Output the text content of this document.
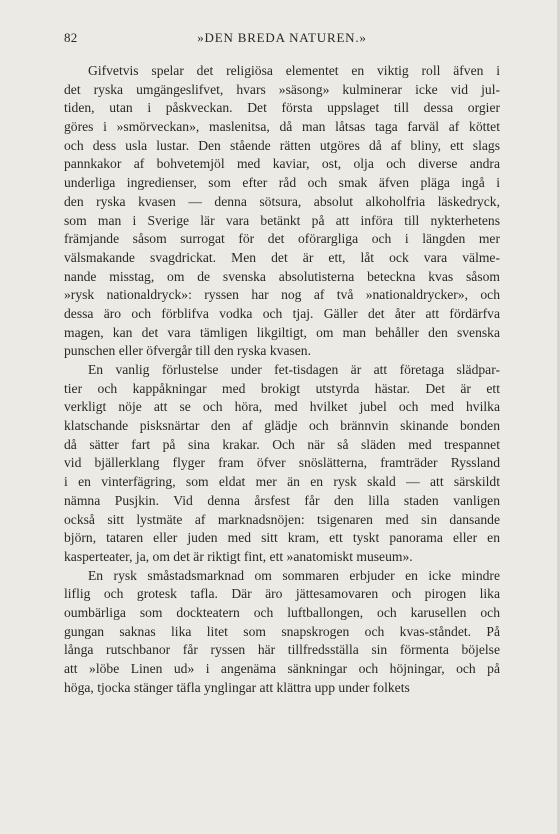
82	»DEN BREDA NATUREN.»
Gifvetvis spelar det religiösa elementet en viktig roll äfven i
det ryska umgängeslifvet, hvars »säsong» kulminerar icke vid jul-
tiden, utan i påskveckan. Det första uppslaget till dessa orgier
göres i »smörveckan», maslenitsa, då man låtsas taga farväl af köttet
och dess usla lustar. Den stående rätten utgöres då af bliny, ett slags
pannkakor af bohvetemjöl med kaviar, ost, olja och diverse andra
underliga ingredienser, som efter råd och smak äfven pläga ingå i
den ryska kvasen — denna sötsura, absolut alkoholfria läskedryck,
som man i Sverige lär vara betänkt på att införa till nykterhetens
främjande såsom surrogat för det oförargliga och i längden mer
välsmakande svagdrickat. Men det är ett, låt ock vara välme-
nande misstag, om de svenska absolutisterna beteckna kvas såsom
»rysk nationaldryck»: ryssen har nog af två »nationaldrycker», och
dessa äro och förblifva vodka och tjaj. Gäller det åter att fördärfva
magen, kan det vara tämligen likgiltigt, om man behåller den svenska
punschen eller öfvergår till den ryska kvasen.
En vanlig förlustelse under fet-tisdagen är att företaga slädpar-
tier och kappåkningar med brokigt utstyrda hästar. Det är ett
verkligt nöje att se och höra, med hvilket jubel och med hvilka
klatschande pisksnärtar den af glädje och brännvin skinande bonden
då sätter fart på sina krakar. Och när så släden med trespannet
vid bjällerklang flyger fram öfver snöslätterna, framträder Ryssland
i en vinterfägring, som eldat mer än en rysk skald — att särskildt
nämna Pusjkin. Vid denna årsfest får den lilla staden vanligen
också sitt lystmäte af marknadsnöjen: tsigenaren med sin dansande
björn, tataren eller juden med sitt kram, ett tyskt panorama eller en
kasperteater, ja, om det är riktigt fint, ett »anatomiskt museum».
En rysk småstadsmarknad om sommaren erbjuder en icke mindre
liflig och grotesk tafla. Där äro jättesamovaren och pirogen lika
oumbärliga som dockteatern och luftballongen, och karusellen och
gungan saknas lika litet som snapskrogen och kvas-ståndet. På
långa rutschbanor får ryssen här tillfredsställa sin förmenta böjelse
att »löbe Linen ud» i angenäma sänkningar och höjningar, och på
höga, tjocka stänger täfla ynglingar att klättra upp under folkets
